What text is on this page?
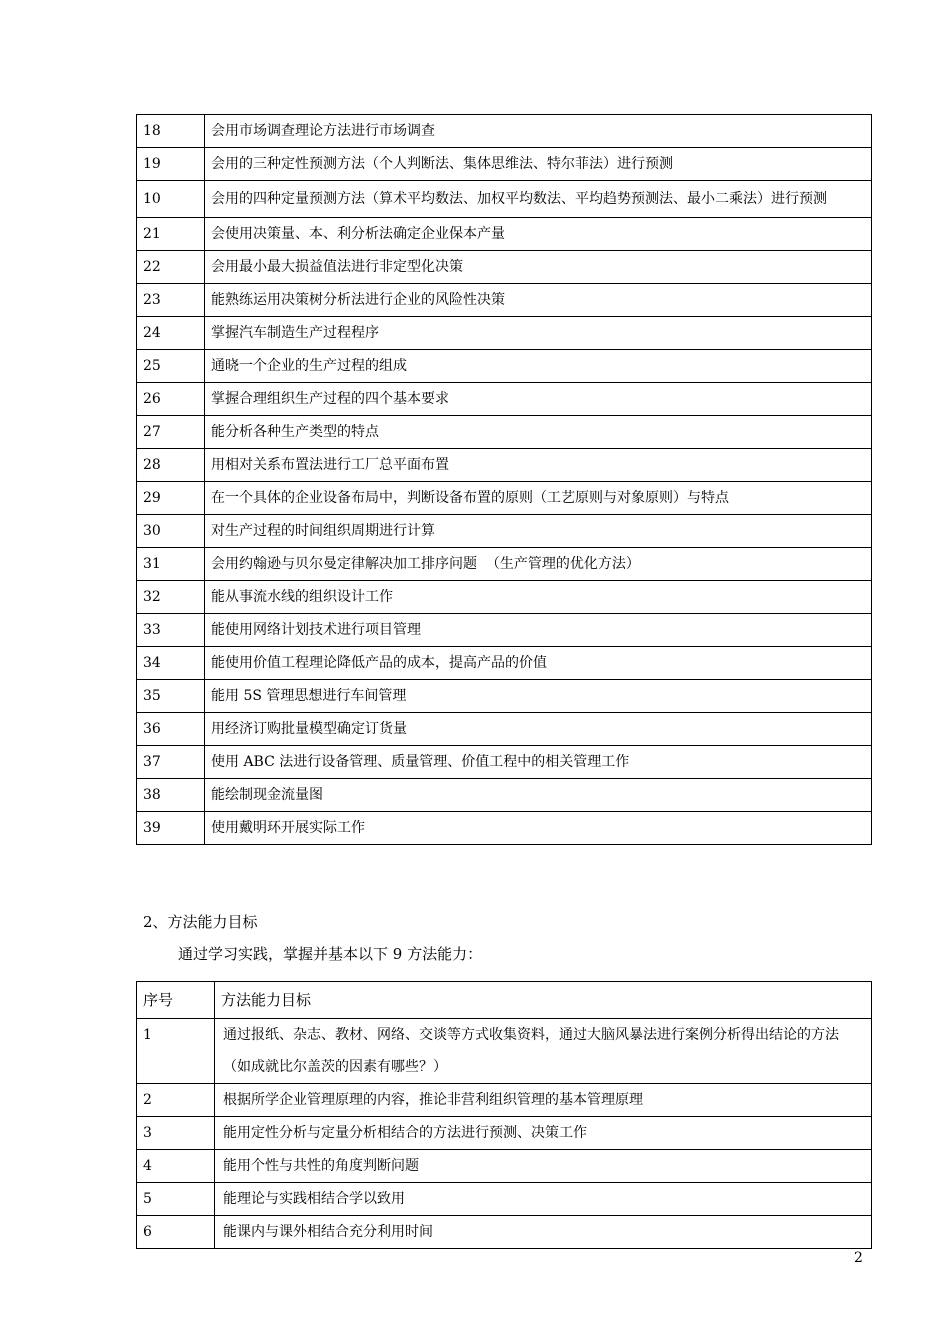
18	会用市场调查理论方法进行市场调查
19	会用的三种定性预测方法（个人判断法、集体思维法、特尔菲法）进行预测
10	会用的四种定量预测方法（算术平均数法、加权平均数法、平均趋势预测法、最小二乘法）进行预测
21	会使用决策量、本、利分析法确定企业保本产量
22	会用最小最大损益值法进行非定型化决策
23	能熟练运用决策树分析法进行企业的风险性决策
24	掌握汽车制造生产过程程序
25	通晓一个企业的生产过程的组成
26	掌握合理组织生产过程的四个基本要求
27	能分析各种生产类型的特点
28	用相对关系布置法进行工厂总平面布置
29	在一个具体的企业设备布局中，判断设备布置的原则（工艺原则与对象原则）与特点
30	对生产过程的时间组织周期进行计算
31	会用约翰逊与贝尔曼定律解决加工排序问题  （生产管理的优化方法）
32	能从事流水线的组织设计工作
33	能使用网络计划技术进行项目管理
34	能使用价值工程理论降低产品的成本，提高产品的价值
35	能用 5S 管理思想进行车间管理
36	用经济订购批量模型确定订货量
37	使用 ABC 法进行设备管理、质量管理、价值工程中的相关管理工作
38	能绘制现金流量图
39	使用戴明环开展实际工作
2、方法能力目标
通过学习实践，掌握并基本以下 9 方法能力：
序号	方法能力目标
1	通过报纸、杂志、教材、网络、交谈等方式收集资料，通过大脑风暴法进行案例分析得出结论的方法（如成就比尔盖茨的因素有哪些？）
2	根据所学企业管理原理的内容，推论非营利组织管理的基本管理原理
3	能用定性分析与定量分析相结合的方法进行预测、决策工作
4	能用个性与共性的角度判断问题
5	能理论与实践相结合学以致用
6	能课内与课外相结合充分利用时间
2
